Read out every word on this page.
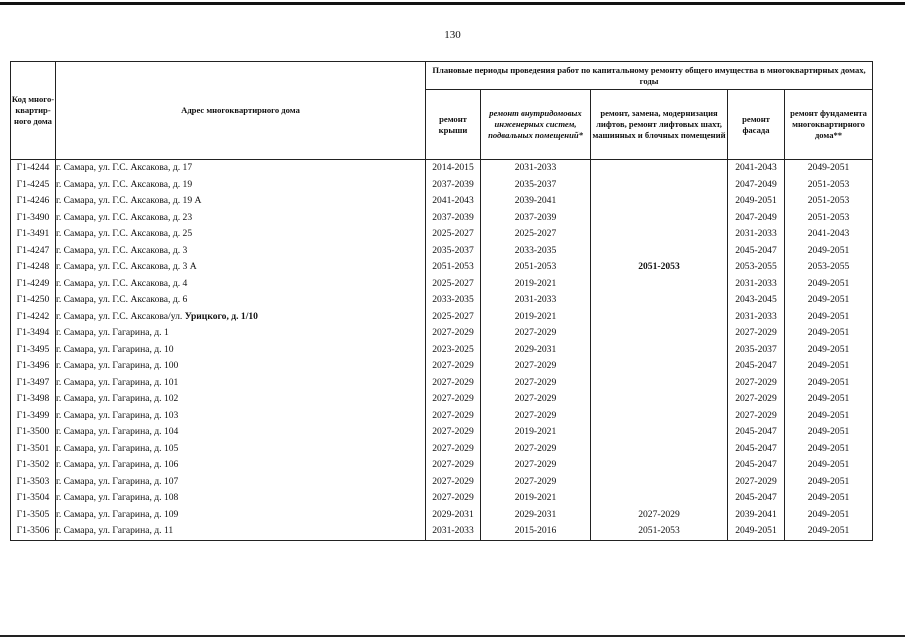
130
Код много-квартир-ного дома	Адрес многоквартирного дома	Плановые периоды проведения работ по капитальному ремонту общего имущества в многоквартирных домах, годы				
		ремонт крыши	ремонт внутридомовых инженерных систем, подвальных помещений*	ремонт, замена, модернизация лифтов, ремонт лифтовых шахт, машинных и блочных помещений	ремонт фасада	ремонт фундамента многоквартирного дома**
Г1-4244	г. Самара, ул. Г.С. Аксакова, д. 17	2014-2015	2031-2033		2041-2043	2049-2051
Г1-4245	г. Самара, ул. Г.С. Аксакова, д. 19	2037-2039	2035-2037		2047-2049	2051-2053
Г1-4246	г. Самара, ул. Г.С. Аксакова, д. 19 А	2041-2043	2039-2041		2049-2051	2051-2053
Г1-3490	г. Самара, ул. Г.С. Аксакова, д. 23	2037-2039	2037-2039		2047-2049	2051-2053
Г1-3491	г. Самара, ул. Г.С. Аксакова, д. 25	2025-2027	2025-2027		2031-2033	2041-2043
Г1-4247	г. Самара, ул. Г.С. Аксакова, д. 3	2035-2037	2033-2035		2045-2047	2049-2051
Г1-4248	г. Самара, ул. Г.С. Аксакова, д. 3 А	2051-2053	2051-2053	2051-2053	2053-2055	2053-2055
Г1-4249	г. Самара, ул. Г.С. Аксакова, д. 4	2025-2027	2019-2021		2031-2033	2049-2051
Г1-4250	г. Самара, ул. Г.С. Аксакова, д. 6	2033-2035	2031-2033		2043-2045	2049-2051
Г1-4242	г. Самара, ул. Г.С. Аксакова/ул. Урицкого, д. 1/10	2025-2027	2019-2021		2031-2033	2049-2051
Г1-3494	г. Самара, ул. Гагарина, д. 1	2027-2029	2027-2029		2027-2029	2049-2051
Г1-3495	г. Самара, ул. Гагарина, д. 10	2023-2025	2029-2031		2035-2037	2049-2051
Г1-3496	г. Самара, ул. Гагарина, д. 100	2027-2029	2027-2029		2045-2047	2049-2051
Г1-3497	г. Самара, ул. Гагарина, д. 101	2027-2029	2027-2029		2027-2029	2049-2051
Г1-3498	г. Самара, ул. Гагарина, д. 102	2027-2029	2027-2029		2027-2029	2049-2051
Г1-3499	г. Самара, ул. Гагарина, д. 103	2027-2029	2027-2029		2027-2029	2049-2051
Г1-3500	г. Самара, ул. Гагарина, д. 104	2027-2029	2019-2021		2045-2047	2049-2051
Г1-3501	г. Самара, ул. Гагарина, д. 105	2027-2029	2027-2029		2045-2047	2049-2051
Г1-3502	г. Самара, ул. Гагарина, д. 106	2027-2029	2027-2029		2045-2047	2049-2051
Г1-3503	г. Самара, ул. Гагарина, д. 107	2027-2029	2027-2029		2027-2029	2049-2051
Г1-3504	г. Самара, ул. Гагарина, д. 108	2027-2029	2019-2021		2045-2047	2049-2051
Г1-3505	г. Самара, ул. Гагарина, д. 109	2029-2031	2029-2031	2027-2029	2039-2041	2049-2051
Г1-3506	г. Самара, ул. Гагарина, д. 11	2031-2033	2015-2016	2051-2053	2049-2051	2049-2051
